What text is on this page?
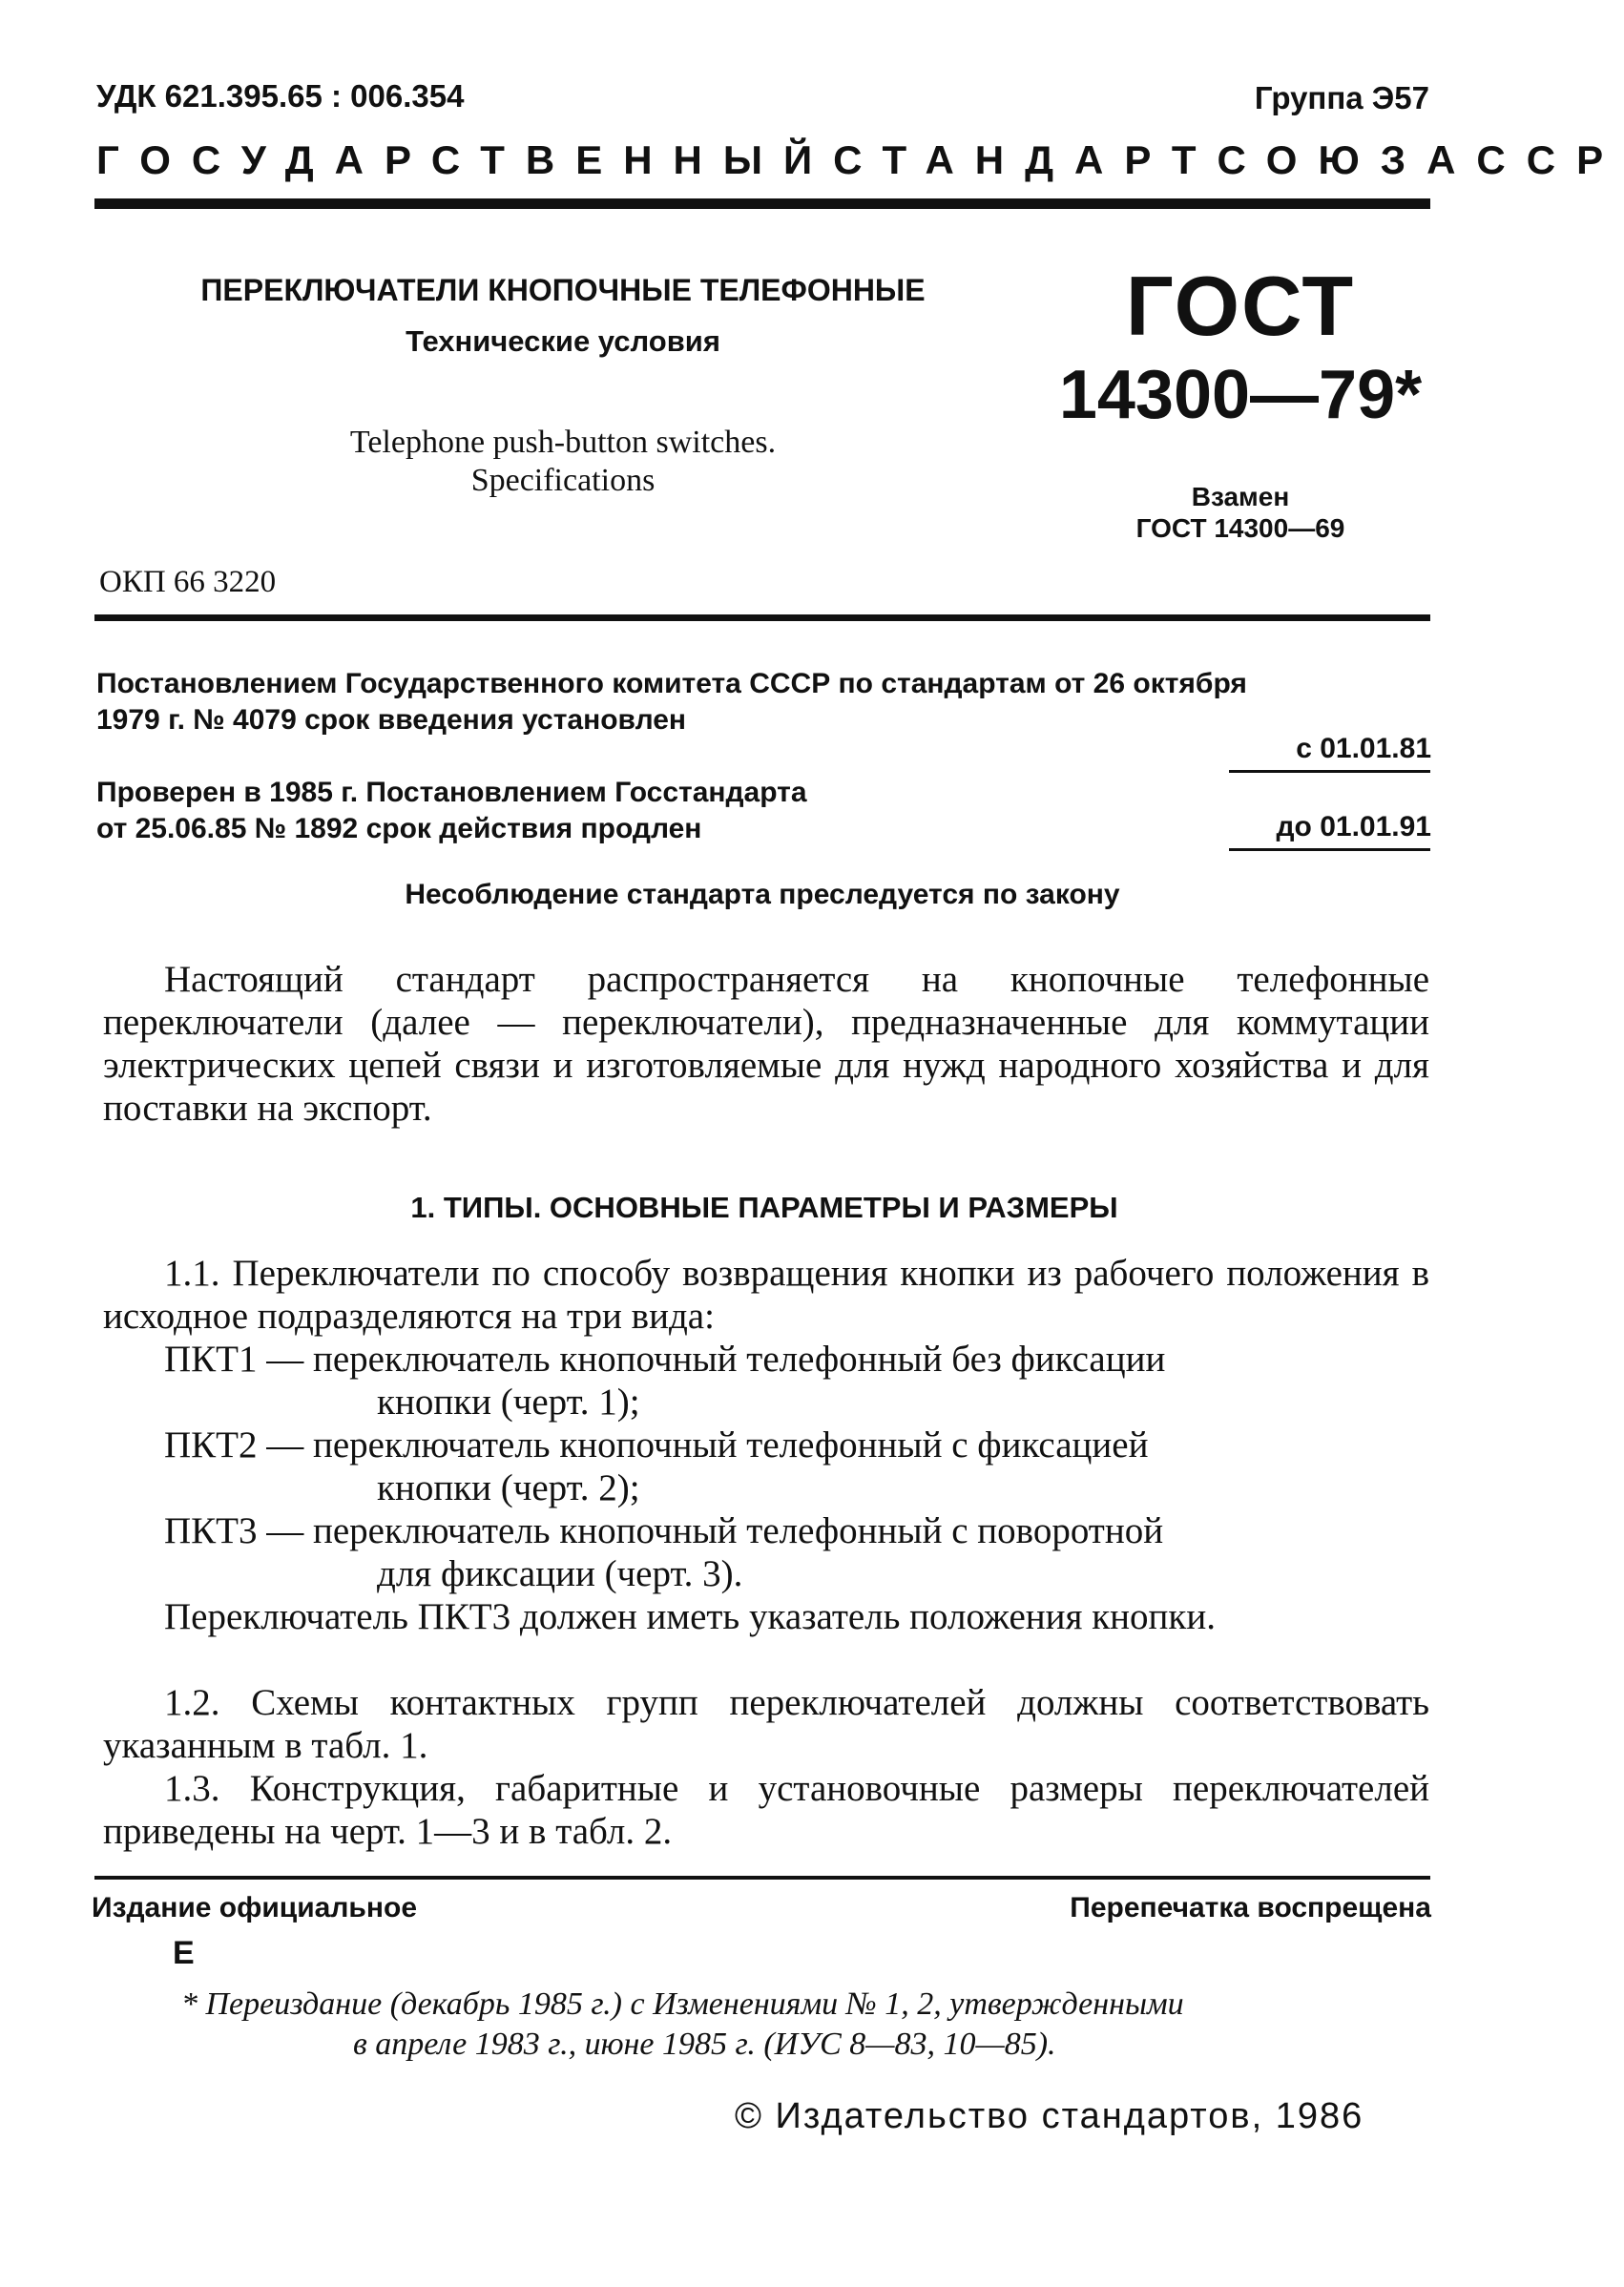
УДК 621.395.65 : 006.354	Группа Э57
ГОСУДАРСТВЕННЫЙ СТАНДАРТ СОЮЗА ССР
ПЕРЕКЛЮЧАТЕЛИ КНОПОЧНЫЕ ТЕЛЕФОННЫЕ
Технические условия
Telephone push-button switches.
Specifications
ОКП 66 3220
ГОСТ
14300—79*
Взамен
ГОСТ 14300—69
Постановлением Государственного комитета СССР по стандартам от 26 октября
1979 г. № 4079 срок введения установлен
с 01.01.81
Проверен в 1985 г. Постановлением Госстандарта
от 25.06.85 № 1892 срок действия продлен	до 01.01.91
Несоблюдение стандарта преследуется по закону
Настоящий стандарт распространяется на кнопочные телефонные переключатели (далее — переключатели), предназначенные для коммутации электрических цепей связи и изготовляемые для нужд народного хозяйства и для поставки на экспорт.
1. ТИПЫ. ОСНОВНЫЕ ПАРАМЕТРЫ И РАЗМЕРЫ
1.1. Переключатели по способу возвращения кнопки из рабочего положения в исходное подразделяются на три вида:
ПКТ1 — переключатель кнопочный телефонный без фиксации
кнопки (черт. 1);
ПКТ2 — переключатель кнопочный телефонный с фиксацией
кнопки (черт. 2);
ПКТ3 — переключатель кнопочный телефонный с поворотной
для фиксации (черт. 3).
Переключатель ПКТ3 должен иметь указатель положения кнопки.
1.2. Схемы контактных групп переключателей должны соответствовать указанным в табл. 1.
1.3. Конструкция, габаритные и установочные размеры переключателей приведены на черт. 1—3 и в табл. 2.
Издание официальное	Перепечатка воспрещена
Е
* Переиздание (декабрь 1985 г.) с Изменениями № 1, 2, утвержденными
в апреле 1983 г., июне 1985 г. (ИУС 8—83, 10—85).
© Издательство стандартов, 1986
